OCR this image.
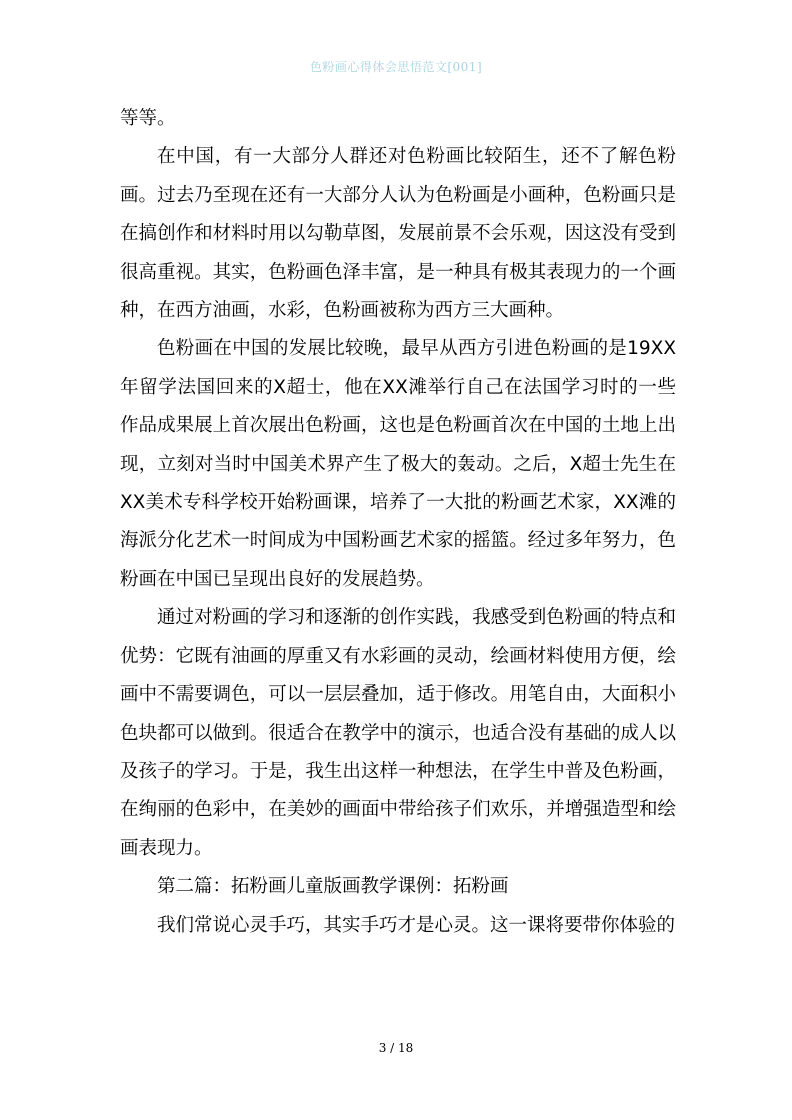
色粉画心得体会思悟范文[001]

等等。

在中国，有一大部分人群还对色粉画比较陌生，还不了解色粉画。过去乃至现在还有一大部分人认为色粉画是小画种，色粉画只是在搞创作和材料时用以勾勒草图，发展前景不会乐观，因这没有受到很高重视。其实，色粉画色泽丰富，是一种具有极其表现力的一个画种，在西方油画，水彩，色粉画被称为西方三大画种。

色粉画在中国的发展比较晚，最早从西方引进色粉画的是19XX年留学法国回来的X超士，他在XX滩举行自己在法国学习时的一些作品成果展上首次展出色粉画，这也是色粉画首次在中国的土地上出现，立刻对当时中国美术界产生了极大的轰动。之后，X超士先生在XX美术专科学校开始粉画课，培养了一大批的粉画艺术家，XX滩的海派分化艺术一时间成为中国粉画艺术家的摇篮。经过多年努力，色粉画在中国已呈现出良好的发展趋势。

通过对粉画的学习和逐渐的创作实践，我感受到色粉画的特点和优势：它既有油画的厚重又有水彩画的灵动，绘画材料使用方便，绘画中不需要调色，可以一层层叠加，适于修改。用笔自由，大面积小色块都可以做到。很适合在教学中的演示，也适合没有基础的成人以及孩子的学习。于是，我生出这样一种想法，在学生中普及色粉画，在绚丽的色彩中，在美妙的画面中带给孩子们欢乐，并增强造型和绘画表现力。

第二篇：拓粉画儿童版画教学课例：拓粉画

我们常说心灵手巧，其实手巧才是心灵。这一课将要带你体验的

3 / 18
